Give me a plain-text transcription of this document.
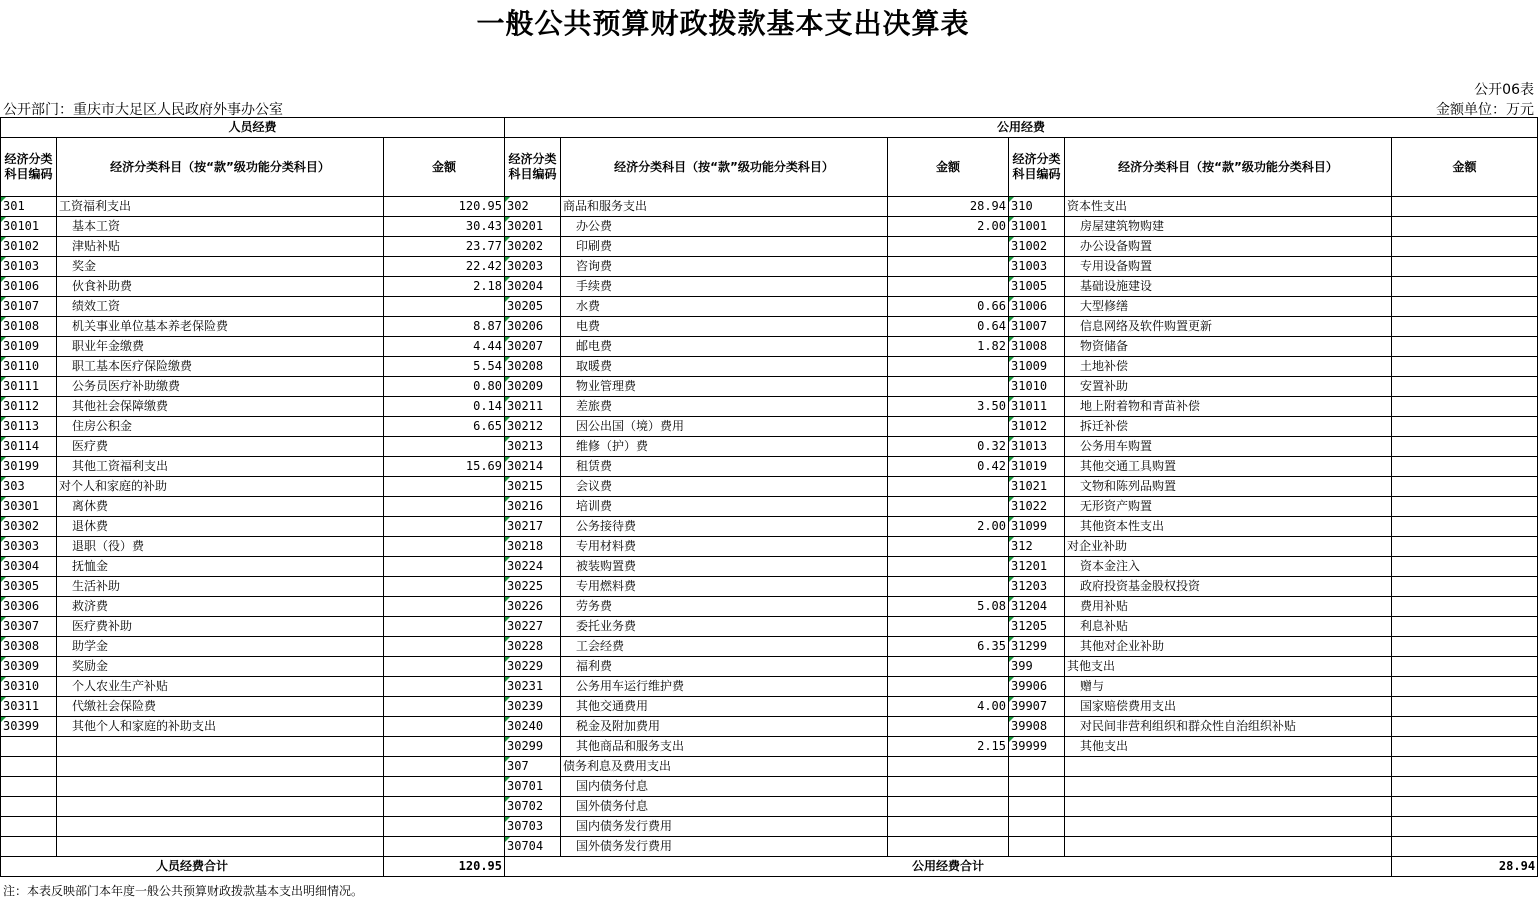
一般公共预算财政拨款基本支出决算表
公开06表
公开部门：重庆市大足区人民政府外事办公室	金额单位：万元
人员经费			公用经费					
经济分类科目编码	经济分类科目（按“款”级功能分类科目）	金额	经济分类科目编码	经济分类科目（按“款”级功能分类科目）	金额	经济分类科目编码	经济分类科目（按“款”级功能分类科目）	金额
301	工资福利支出	120.95	302	商品和服务支出	28.94	310	资本性支出	
30101	基本工资	30.43	30201	办公费	2.00	31001	房屋建筑物购建	
30102	津贴补贴	23.77	30202	印刷费		31002	办公设备购置	
30103	奖金	22.42	30203	咨询费		31003	专用设备购置	
30106	伙食补助费	2.18	30204	手续费		31005	基础设施建设	
30107	绩效工资		30205	水费	0.66	31006	大型修缮	
30108	机关事业单位基本养老保险费	8.87	30206	电费	0.64	31007	信息网络及软件购置更新	
30109	职业年金缴费	4.44	30207	邮电费	1.82	31008	物资储备	
30110	职工基本医疗保险缴费	5.54	30208	取暖费		31009	土地补偿	
30111	公务员医疗补助缴费	0.80	30209	物业管理费		31010	安置补助	
30112	其他社会保障缴费	0.14	30211	差旅费	3.50	31011	地上附着物和青苗补偿	
30113	住房公积金	6.65	30212	因公出国（境）费用		31012	拆迁补偿	
30114	医疗费		30213	维修（护）费	0.32	31013	公务用车购置	
30199	其他工资福利支出	15.69	30214	租赁费	0.42	31019	其他交通工具购置	
303	对个人和家庭的补助		30215	会议费		31021	文物和陈列品购置	
30301	离休费		30216	培训费		31022	无形资产购置	
30302	退休费		30217	公务接待费	2.00	31099	其他资本性支出	
30303	退职（役）费		30218	专用材料费		312	对企业补助	
30304	抚恤金		30224	被装购置费		31201	资本金注入	
30305	生活补助		30225	专用燃料费		31203	政府投资基金股权投资	
30306	救济费		30226	劳务费	5.08	31204	费用补贴	
30307	医疗费补助		30227	委托业务费		31205	利息补贴	
30308	助学金		30228	工会经费	6.35	31299	其他对企业补助	
30309	奖励金		30229	福利费		399	其他支出	
30310	个人农业生产补贴		30231	公务用车运行维护费		39906	赠与	
30311	代缴社会保险费		30239	其他交通费用	4.00	39907	国家赔偿费用支出	
30399	其他个人和家庭的补助支出		30240	税金及附加费用		39908	对民间非营利组织和群众性自治组织补贴	
			30299	其他商品和服务支出	2.15	39999	其他支出	
			307	债务利息及费用支出				
			30701	国内债务付息				
			30702	国外债务付息				
			30703	国内债务发行费用				
			30704	国外债务发行费用				
人员经费合计		120.95	公用经费合计					28.94
注：本表反映部门本年度一般公共预算财政拨款基本支出明细情况。
